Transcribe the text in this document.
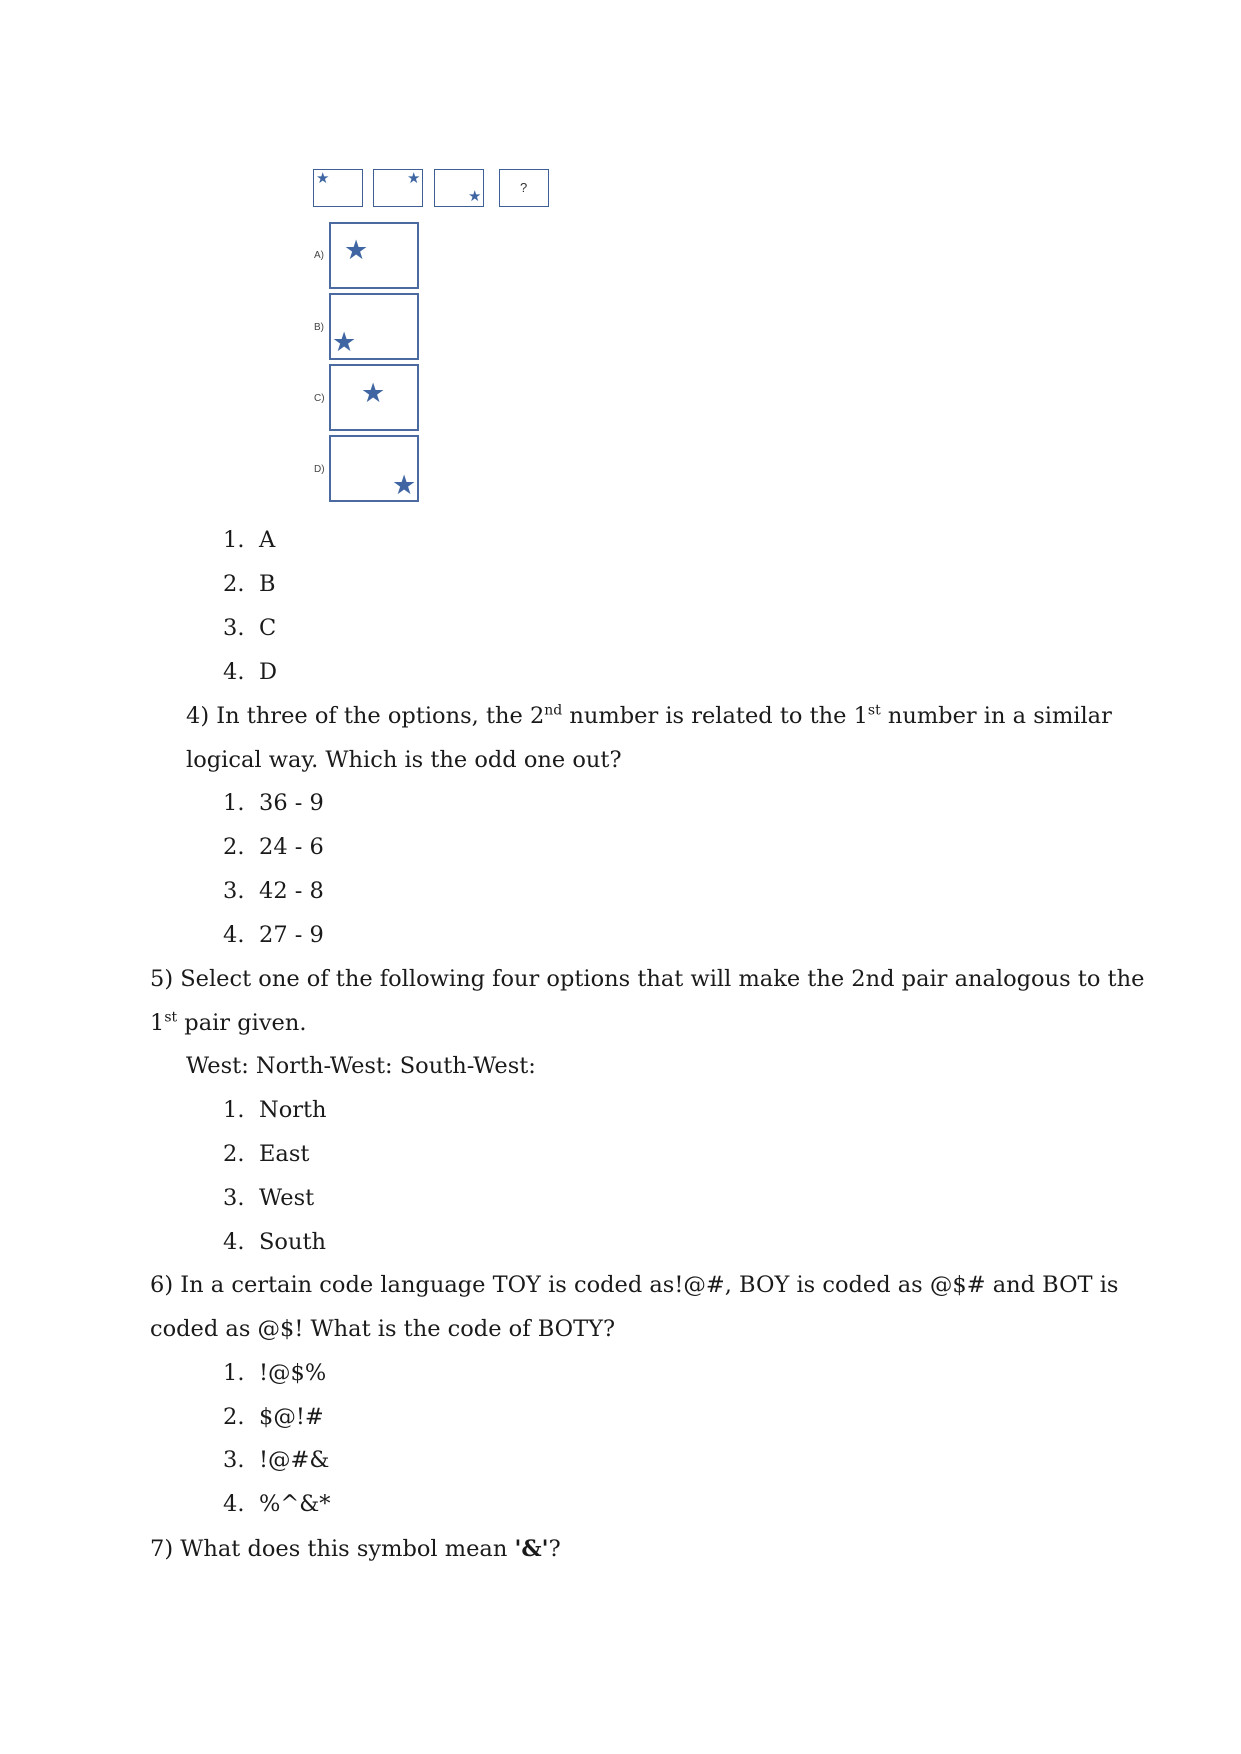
★	★
★	?
A) ★
B) ★
C) ★
D)
★
1. A
2. B
3. C
4. D
4) In three of the options, the 2nd number is related to the 1st number in a similar
logical way. Which is the odd one out?
1. 36 - 9
2. 24 - 6
3. 42 - 8
4. 27 - 9
5) Select one of the following four options that will make the 2nd pair analogous to the
1st pair given.
West: North-West: South-West:
1. North
2. East
3. West
4. South
6) In a certain code language TOY is coded as!@#, BOY is coded as @$# and BOT is
coded as @$! What is the code of BOTY?
1. !@$%
2. $@!#
3. !@#&
4. %^&*
7) What does this symbol mean '&'?
